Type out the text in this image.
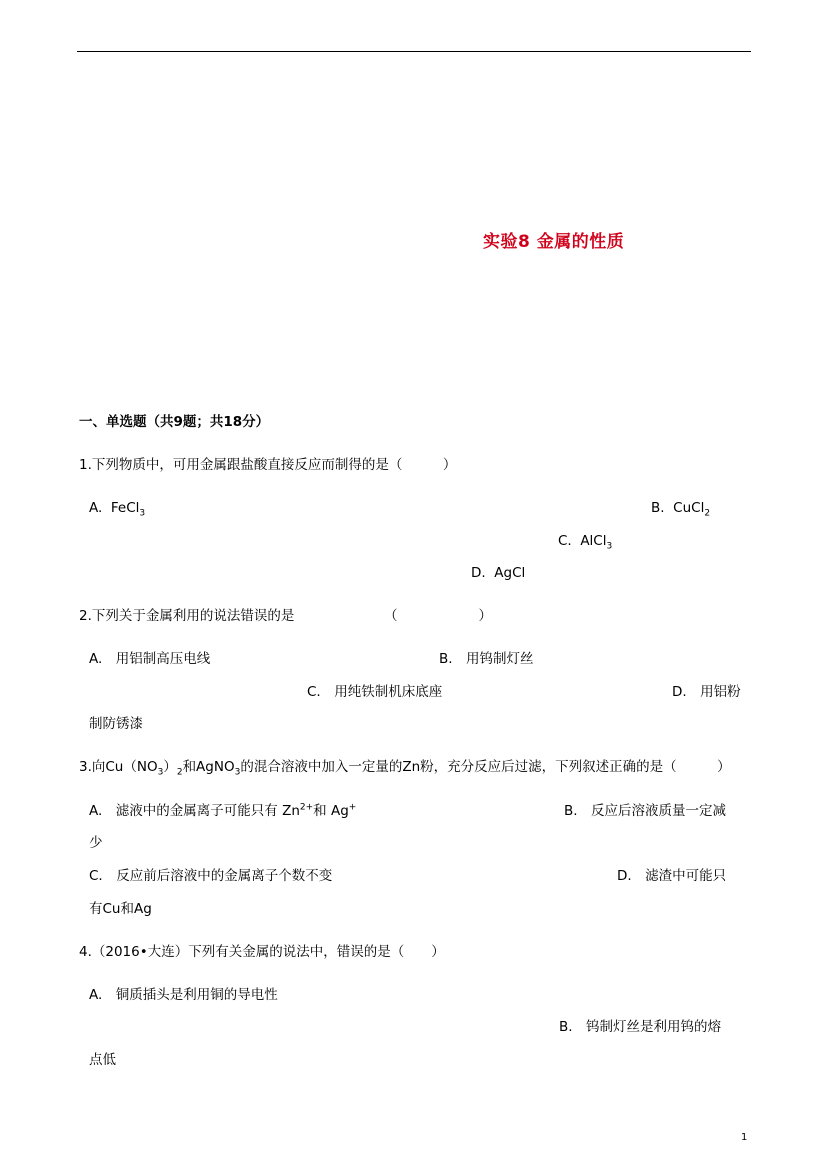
实验8 金属的性质
一、单选题（共9题；共18分）
1.下列物质中，可用金属跟盐酸直接反应而制得的是（　　　）
A. FeCl$_3$	B. CuCl$_2$
C. AlCl$_3$
D. AgCl
2.下列关于金属利用的说法错误的是	（　　　　　　）
A.　用铝制高压电线	B.　用钨制灯丝
C.　用纯铁制机床底座	D.　用铝粉
制防锈漆
3.向$Cu(NO_3)_2$和AgNO$_3$的混合溶液中加入一定量的Zn粉，充分反应后过滤，下列叙述正确的是（　　　）
A.　滤液中的金属离子可能只有 $Zn^{2+}$和 Ag+	B.　反应后溶液质量一定减
少
C.　反应前后溶液中的金属离子个数不变	D.　滤渣中可能只
有Cu和Ag
4.（2016•大连）下列有关金属的说法中，错误的是（　　）
A.　铜质插头是利用铜的导电性
B.　钨制灯丝是利用钨的熔
点低
1
